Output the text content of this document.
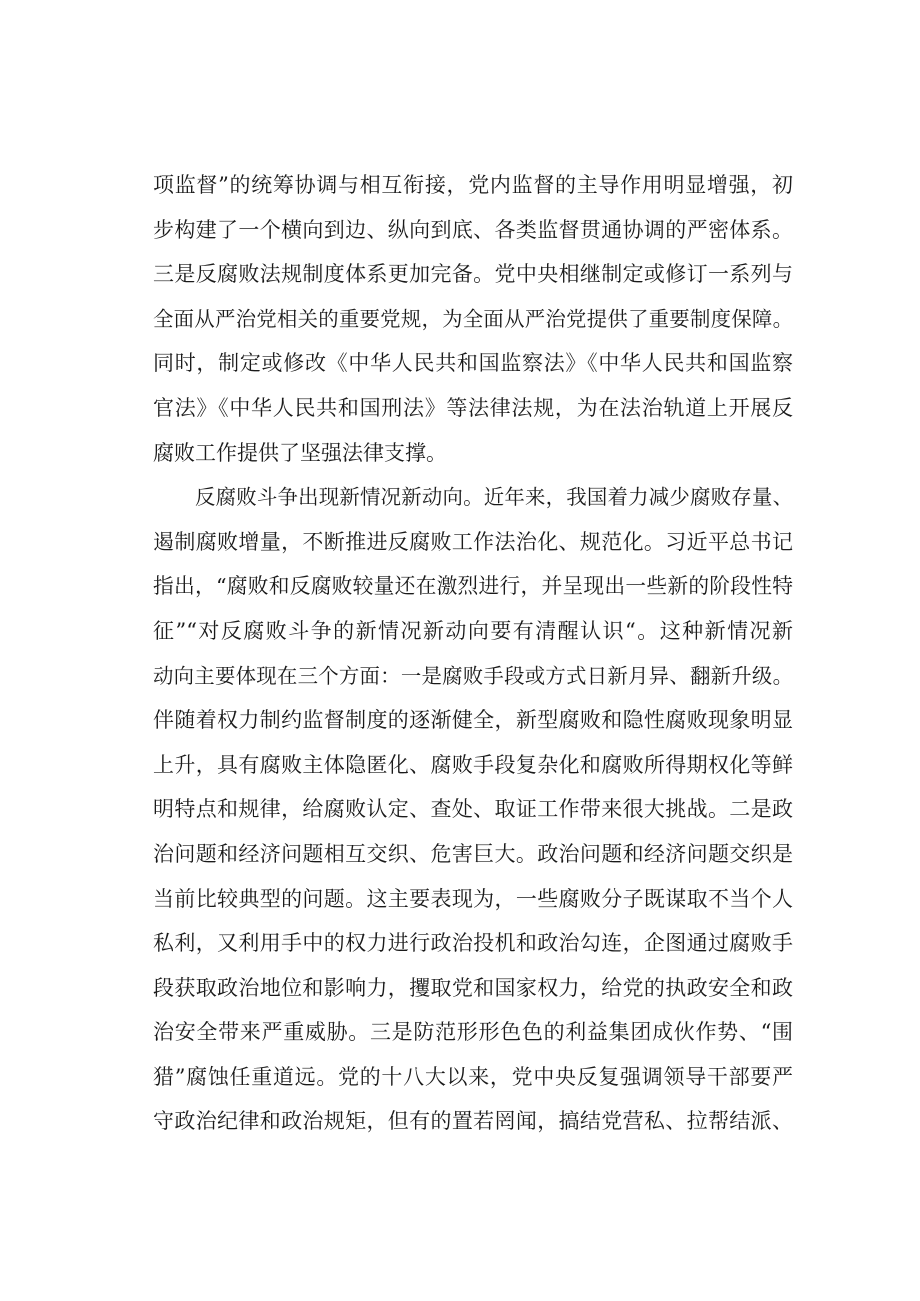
项监督”的统筹协调与相互衔接，党内监督的主导作用明显增强，初
步构建了一个横向到边、纵向到底、各类监督贯通协调的严密体系。
三是反腐败法规制度体系更加完备。党中央相继制定或修订一系列与
全面从严治党相关的重要党规，为全面从严治党提供了重要制度保障。
同时，制定或修改《中华人民共和国监察法》《中华人民共和国监察
官法》《中华人民共和国刑法》等法律法规，为在法治轨道上开展反
腐败工作提供了坚强法律支撑。
反腐败斗争出现新情况新动向。近年来，我国着力减少腐败存量、
遏制腐败增量，不断推进反腐败工作法治化、规范化。习近平总书记
指出，“腐败和反腐败较量还在激烈进行，并呈现出一些新的阶段性特
征”“对反腐败斗争的新情况新动向要有清醒认识“。这种新情况新
动向主要体现在三个方面：一是腐败手段或方式日新月异、翻新升级。
伴随着权力制约监督制度的逐渐健全，新型腐败和隐性腐败现象明显
上升，具有腐败主体隐匿化、腐败手段复杂化和腐败所得期权化等鲜
明特点和规律，给腐败认定、查处、取证工作带来很大挑战。二是政
治问题和经济问题相互交织、危害巨大。政治问题和经济问题交织是
当前比较典型的问题。这主要表现为，一些腐败分子既谋取不当个人
私利，又利用手中的权力进行政治投机和政治勾连，企图通过腐败手
段获取政治地位和影响力，攫取党和国家权力，给党的执政安全和政
治安全带来严重威胁。三是防范形形色色的利益集团成伙作势、“围
猎”腐蚀任重道远。党的十八大以来，党中央反复强调领导干部要严
守政治纪律和政治规矩，但有的置若罔闻，搞结党营私、拉帮结派、
